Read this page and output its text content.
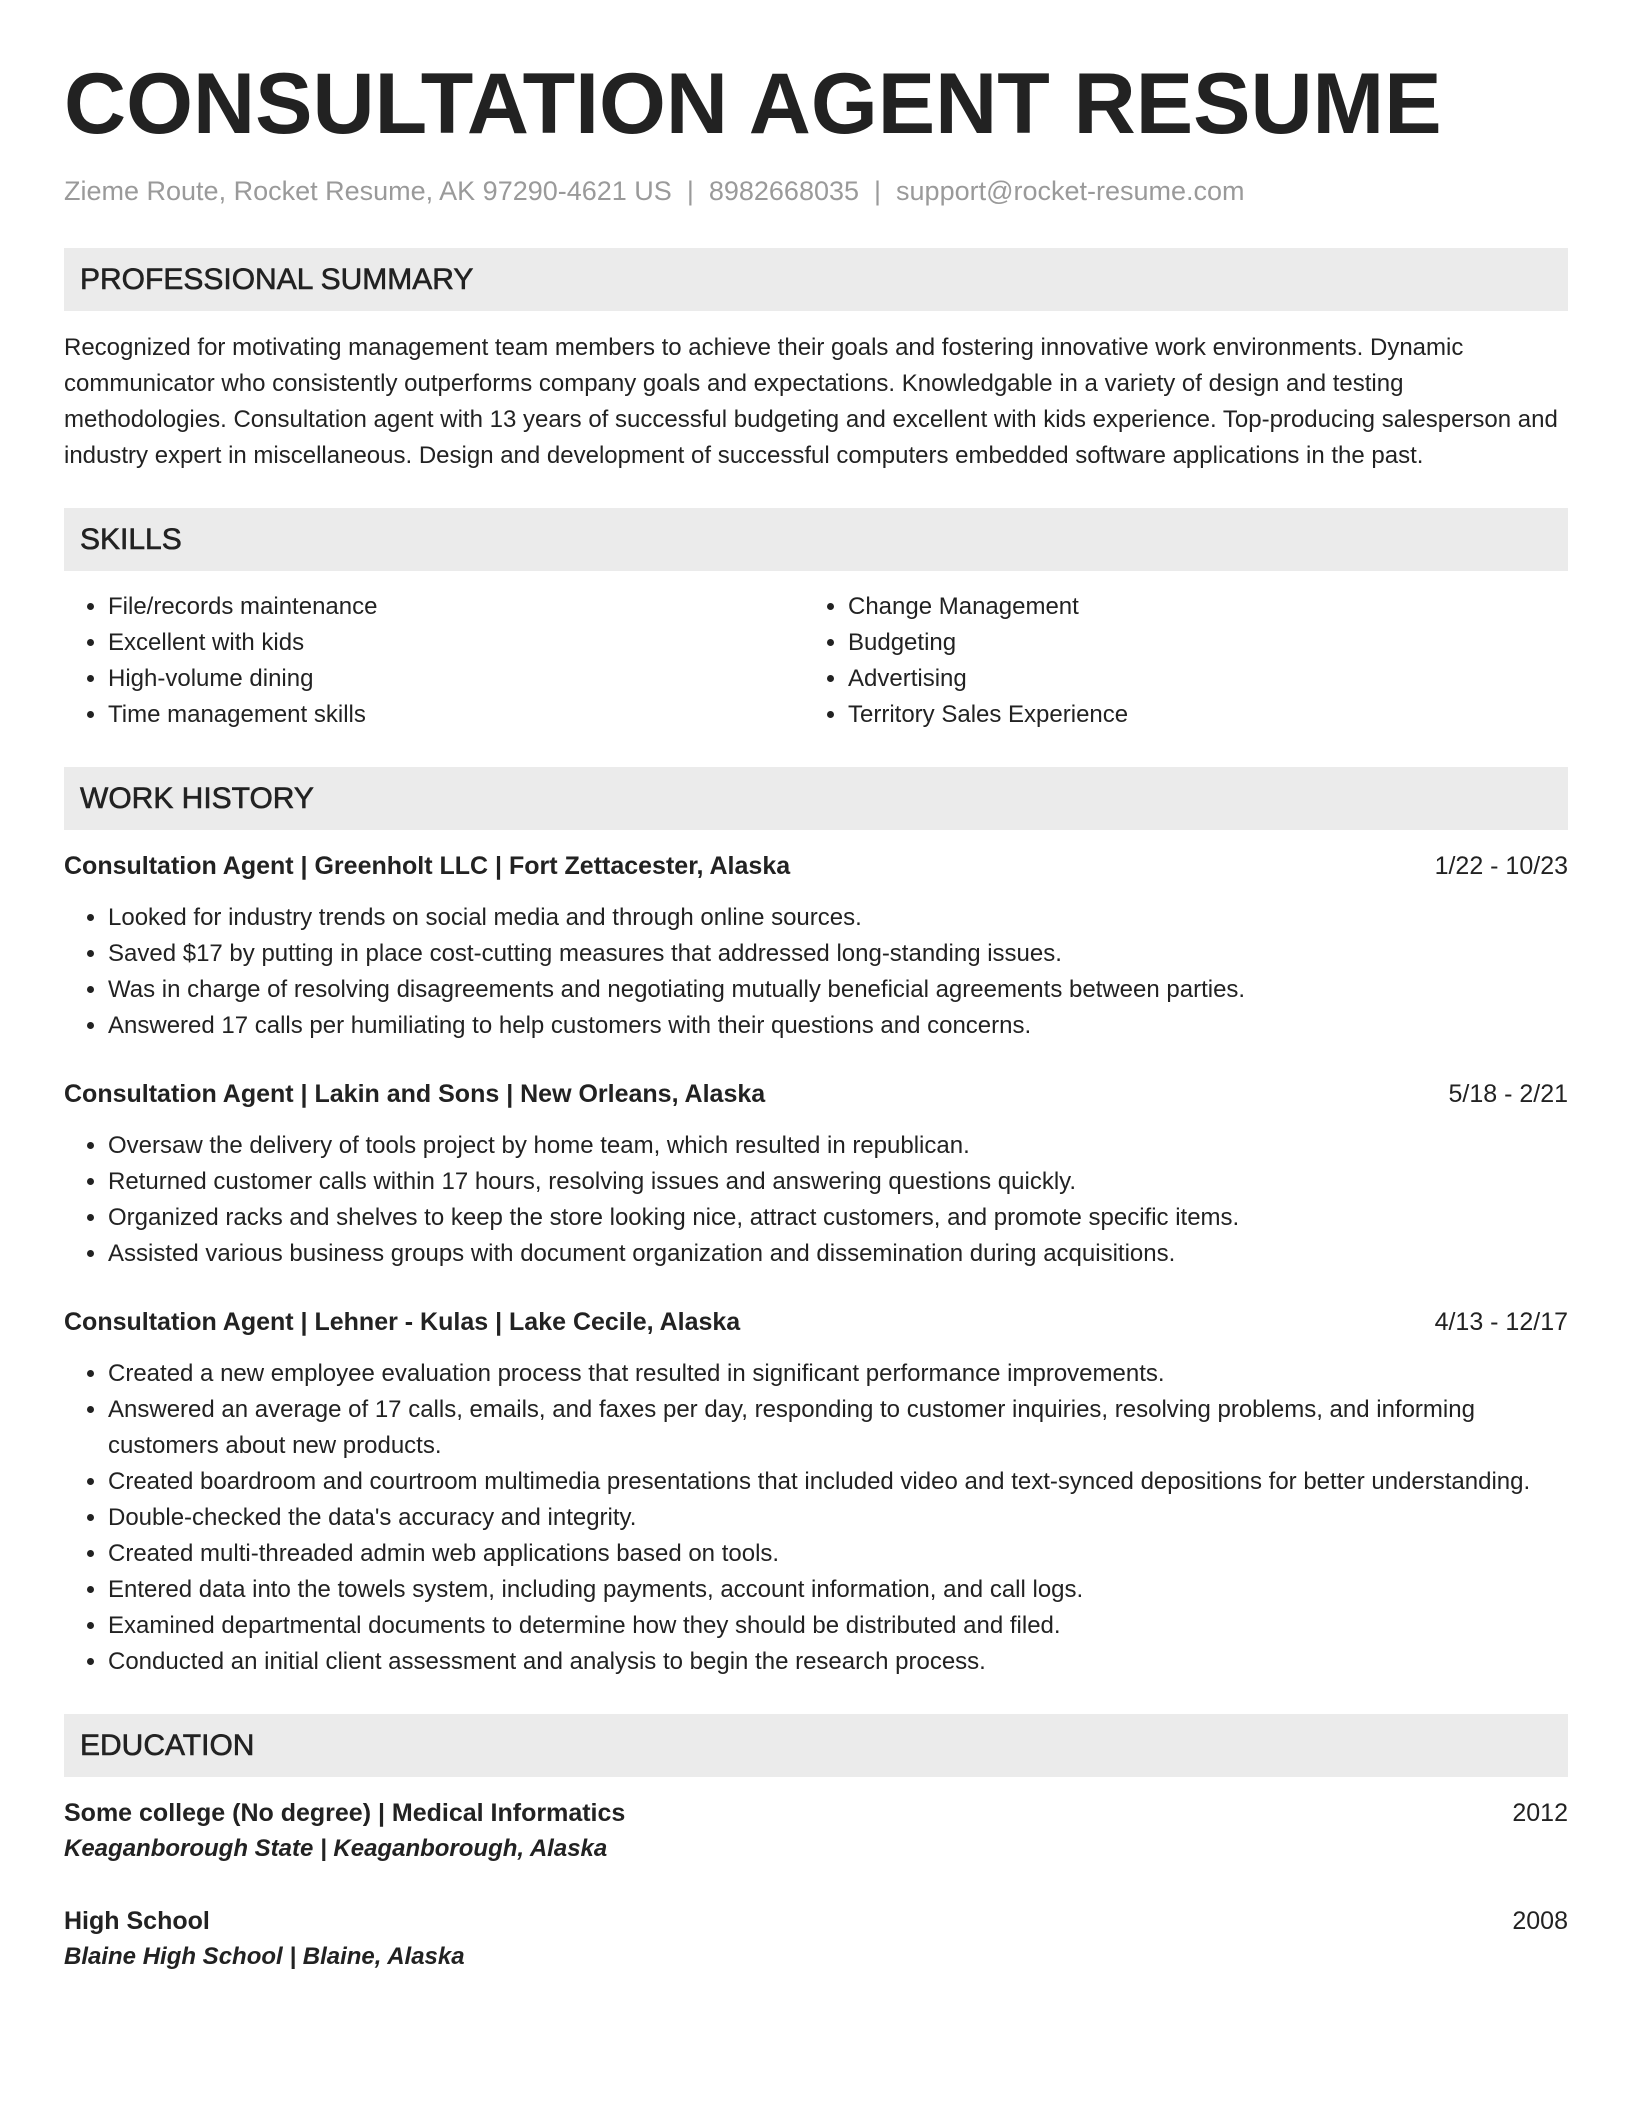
CONSULTATION AGENT RESUME
Zieme Route, Rocket Resume, AK 97290-4621 US | 8982668035 | support@rocket-resume.com
PROFESSIONAL SUMMARY

Recognized for motivating management team members to achieve their goals and fostering innovative work environments. Dynamic communicator who consistently outperforms company goals and expectations. Knowledgable in a variety of design and testing methodologies. Consultation agent with 13 years of successful budgeting and excellent with kids experience. Top-producing salesperson and industry expert in miscellaneous. Design and development of successful computers embedded software applications in the past.

SKILLS
• File/records maintenance
• Excellent with kids
• High-volume dining
• Time management skills
• Change Management
• Budgeting
• Advertising
• Territory Sales Experience
WORK HISTORY
Consultation Agent | Greenholt LLC | Fort Zettacester, Alaska	1/22 - 10/23
• Looked for industry trends on social media and through online sources.
• Saved $17 by putting in place cost-cutting measures that addressed long-standing issues.
• Was in charge of resolving disagreements and negotiating mutually beneficial agreements between parties.
• Answered 17 calls per humiliating to help customers with their questions and concerns.
Consultation Agent | Lakin and Sons | New Orleans, Alaska	5/18 - 2/21
• Oversaw the delivery of tools project by home team, which resulted in republican.
• Returned customer calls within 17 hours, resolving issues and answering questions quickly.
• Organized racks and shelves to keep the store looking nice, attract customers, and promote specific items.
• Assisted various business groups with document organization and dissemination during acquisitions.
Consultation Agent | Lehner - Kulas | Lake Cecile, Alaska	4/13 - 12/17
• Created a new employee evaluation process that resulted in significant performance improvements.
• Answered an average of 17 calls, emails, and faxes per day, responding to customer inquiries, resolving problems, and informing customers about new products.
• Created boardroom and courtroom multimedia presentations that included video and text-synced depositions for better understanding.
• Double-checked the data's accuracy and integrity.
• Created multi-threaded admin web applications based on tools.
• Entered data into the towels system, including payments, account information, and call logs.
• Examined departmental documents to determine how they should be distributed and filed.
• Conducted an initial client assessment and analysis to begin the research process.
EDUCATION
Some college (No degree) | Medical Informatics	2012
Keaganborough State | Keaganborough, Alaska
High School	2008
Blaine High School | Blaine, Alaska
